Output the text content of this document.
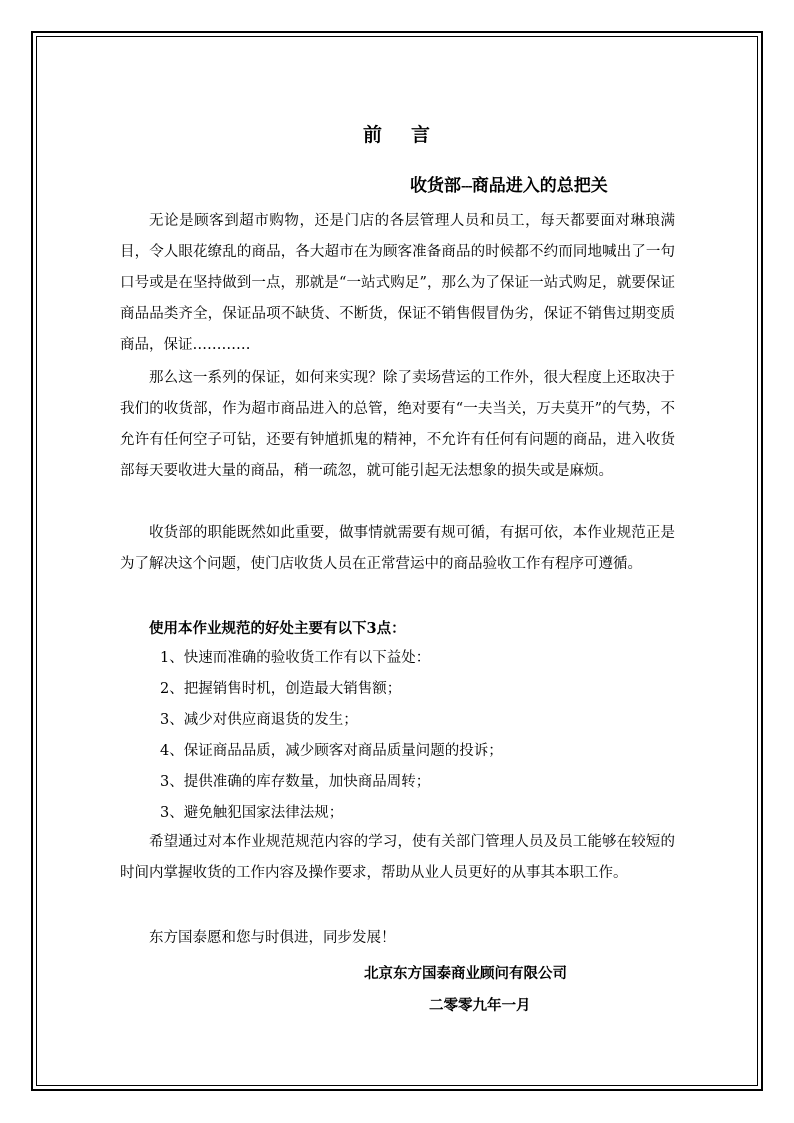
前 言
收货部---商品进入的总把关

无论是顾客到超市购物，还是门店的各层管理人员和员工，每天都要面对琳琅满目，令人眼花缭乱的商品，各大超市在为顾客准备商品的时候都不约而同地喊出了一句口号或是在坚持做到一点，那就是“一站式购足”，那么为了保证一站式购足，就要保证商品品类齐全，保证品项不缺货、不断货，保证不销售假冒伪劣，保证不销售过期变质商品，保证…………

那么这一系列的保证，如何来实现？除了卖场营运的工作外，很大程度上还取决于我们的收货部，作为超市商品进入的总管，绝对要有“一夫当关，万夫莫开”的气势，不允许有任何空子可钻，还要有钟馗抓鬼的精神，不允许有任何有问题的商品，进入收货部每天要收进大量的商品，稍一疏忽，就可能引起无法想象的损失或是麻烦。

收货部的职能既然如此重要，做事情就需要有规可循，有据可依，本作业规范正是为了解决这个问题，使门店收货人员在正常营运中的商品验收工作有程序可遵循。

使用本作业规范的好处主要有以下3点：
1、快速而准确的验收货工作有以下益处：
2、把握销售时机，创造最大销售额；
3、减少对供应商退货的发生；
4、保证商品品质，减少顾客对商品质量问题的投诉；
3、提供准确的库存数量，加快商品周转；
3、避免触犯国家法律法规；

希望通过对本作业规范规范内容的学习，使有关部门管理人员及员工能够在较短的时间内掌握收货的工作内容及操作要求，帮助从业人员更好的从事其本职工作。

东方国泰愿和您与时俱进，同步发展！
北京东方国泰商业顾问有限公司
二零零九年一月
